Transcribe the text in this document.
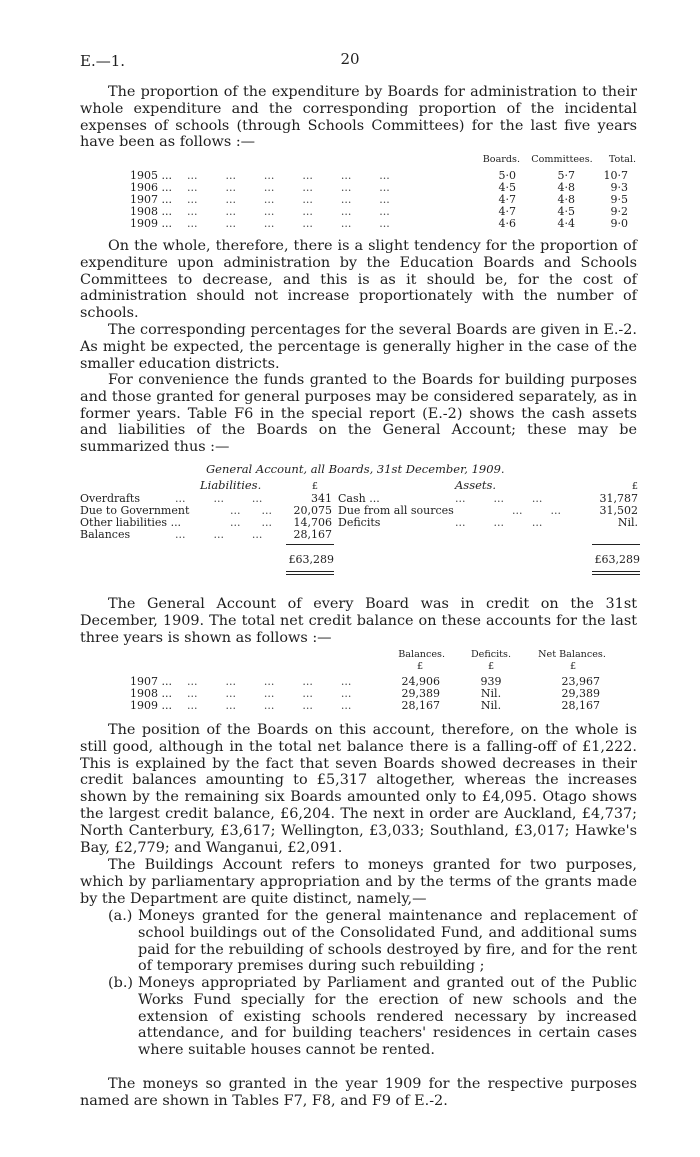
E.—1.	20

The proportion of the expenditure by Boards for administration to their whole expenditure and the corresponding proportion of the incidental expenses of schools (through Schools Committees) for the last five years have been as follows :—

Boards. Committees.	Total.
1905 ... ...        ...        ...        ...        ...        ...	5·0	5·7	10·7
1906 ... ...        ...        ...        ...        ...        ...	4·5	4·8	9·3
1907 ... ...        ...        ...        ...        ...        ...	4·7	4·8	9·5
1908 ... ...        ...        ...        ...        ...        ...	4·7	4·5	9·2
1909 ... ...        ...        ...        ...        ...        ...	4·6	4·4	9·0

On the whole, therefore, there is a slight tendency for the proportion of expenditure upon administration by the Education Boards and Schools Committees to decrease, and this is as it should be, for the cost of administration should not increase proportionately with the number of schools.

The corresponding percentages for the several Boards are given in E.-2. As might be expected, the percentage is generally higher in the case of the smaller education districts.

For convenience the funds granted to the Boards for building purposes and those granted for general purposes may be considered separately, as in former years. Table F6 in the special report (E.-2) shows the cash assets and liabilities of the Boards on the General Account; these may be summarized thus :—

General Account, all Boards, 31st December, 1909.
Liabilities.	Assets.
£	£
Overdrafts	...        ...        ...	341 Cash ...	...        ...        ...	31,787
Due to Government	...      ...	20,075 Due from all sources	...        ...	31,502
Other liabilities ...	...      ...	14,706 Deficits	...        ...        ...	Nil.
Balances	...        ...        ...	28,167
£63,289	£63,289

The General Account of every Board was in credit on the 31st December, 1909. The total net credit balance on these accounts for the last three years is shown as follows :—

Balances.	Deficits.	Net Balances.
£	£	£
1907 ... ...        ...        ...        ...        ...	24,906	939	23,967
1908 ... ...        ...        ...        ...        ...	29,389	Nil.	29,389
1909 ... ...        ...        ...        ...        ...	28,167	Nil.	28,167

The position of the Boards on this account, therefore, on the whole is still good, although in the total net balance there is a falling-off of £1,222. This is explained by the fact that seven Boards showed decreases in their credit balances amounting to £5,317 altogether, whereas the increases shown by the remaining six Boards amounted only to £4,095. Otago shows the largest credit balance, £6,204. The next in order are Auckland, £4,737; North Canterbury, £3,617; Wellington, £3,033; Southland, £3,017; Hawke's Bay, £2,779; and Wanganui, £2,091.

The Buildings Account refers to moneys granted for two purposes, which by parliamentary appropriation and by the terms of the grants made by the Department are quite distinct, namely,—

(a.) Moneys granted for the general maintenance and replacement of school buildings out of the Consolidated Fund, and additional sums paid for the rebuilding of schools destroyed by fire, and for the rent of temporary premises during such rebuilding ;
(b.) Moneys appropriated by Parliament and granted out of the Public Works Fund specially for the erection of new schools and the extension of existing schools rendered necessary by increased attendance, and for building teachers' residences in certain cases where suitable houses cannot be rented.

The moneys so granted in the year 1909 for the respective purposes named are shown in Tables F7, F8, and F9 of E.-2.
